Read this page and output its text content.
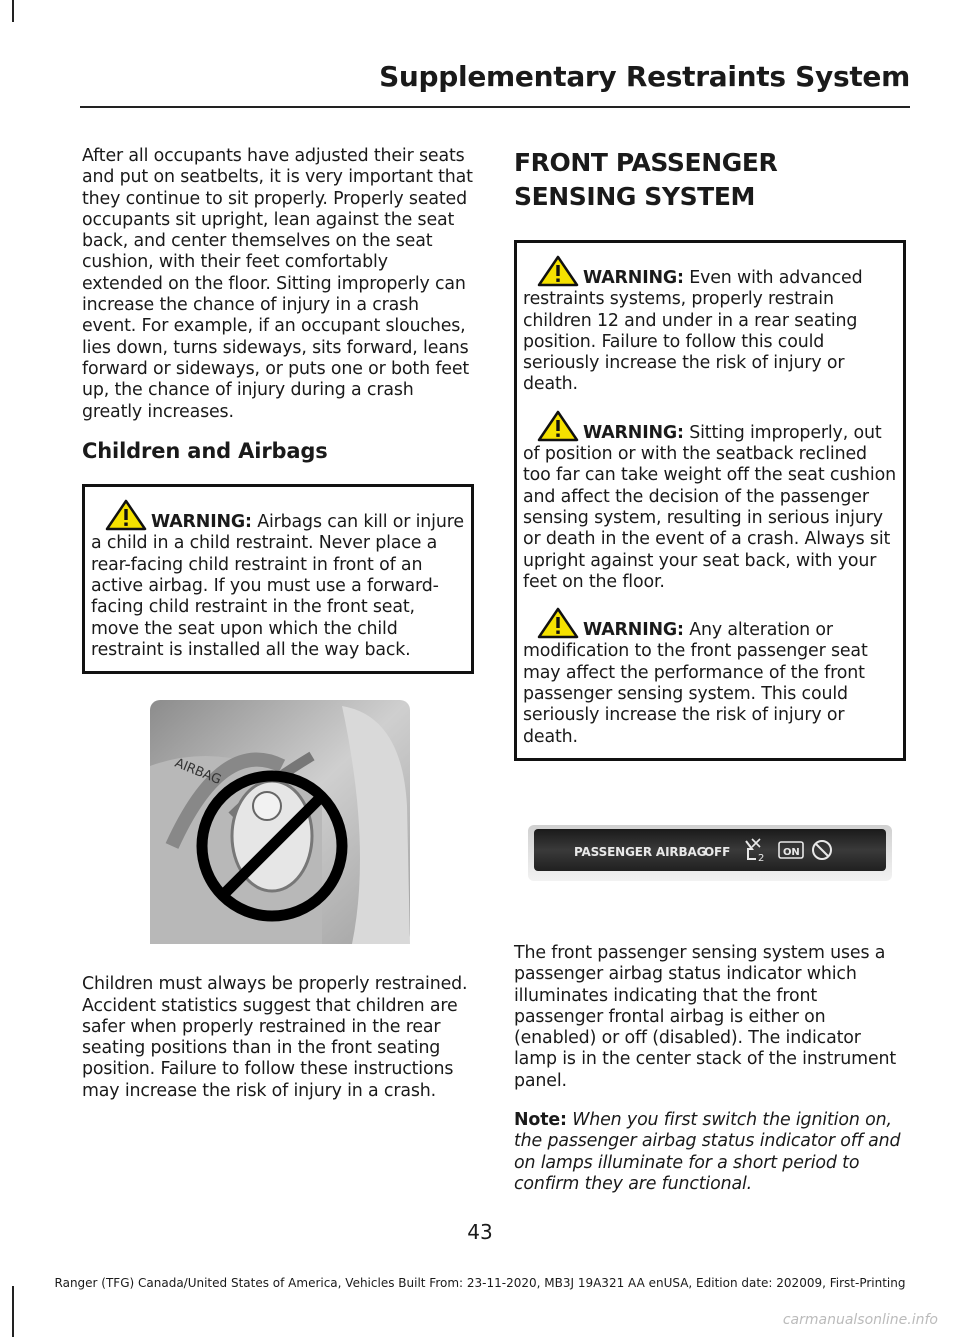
Supplementary Restraints System

After all occupants have adjusted their seats and put on seatbelts, it is very important that they continue to sit properly. Properly seated occupants sit upright, lean against the seat back, and center themselves on the seat cushion, with their feet comfortably extended on the floor. Sitting improperly can increase the chance of injury in a crash event. For example, if an occupant slouches, lies down, turns sideways, sits forward, leans forward or sideways, or puts one or both feet up, the chance of injury during a crash greatly increases.

Children and Airbags
WARNING: Airbags can kill or injure a child in a child restraint. Never place a rear-facing child restraint in front of an active airbag. If you must use a forward-facing child restraint in the front seat, move the seat upon which the child restraint is installed all the way back.
AIRBAG

Children must always be properly restrained. Accident statistics suggest that children are safer when properly restrained in the rear seating positions than in the front seating position. Failure to follow these instructions may increase the risk of injury in a crash.

FRONT PASSENGER SENSING SYSTEM
WARNING: Even with advanced restraints systems, properly restrain children 12 and under in a rear seating position. Failure to follow this could seriously increase the risk of injury or death.
WARNING: Sitting improperly, out of position or with the seatback reclined too far can take weight off the seat cushion and affect the decision of the passenger sensing system, resulting in serious injury or death in the event of a crash. Always sit upright against your seat back, with your feet on the floor.
WARNING: Any alteration or modification to the front passenger seat may affect the performance of the front passenger sensing system. This could seriously increase the risk of injury or death.
PASSENGER AIRBAG
OFF	2
ON

The front passenger sensing system uses a passenger airbag status indicator which illuminates indicating that the front passenger frontal airbag is either on (enabled) or off (disabled). The indicator lamp is in the center stack of the instrument panel.

Note: When you first switch the ignition on, the passenger airbag status indicator off and on lamps illuminate for a short period to confirm they are functional.

43
Ranger (TFG) Canada/United States of America, Vehicles Built From: 23-11-2020, MB3J 19A321 AA enUSA, Edition date: 202009, First-Printing
carmanualsonline.info
